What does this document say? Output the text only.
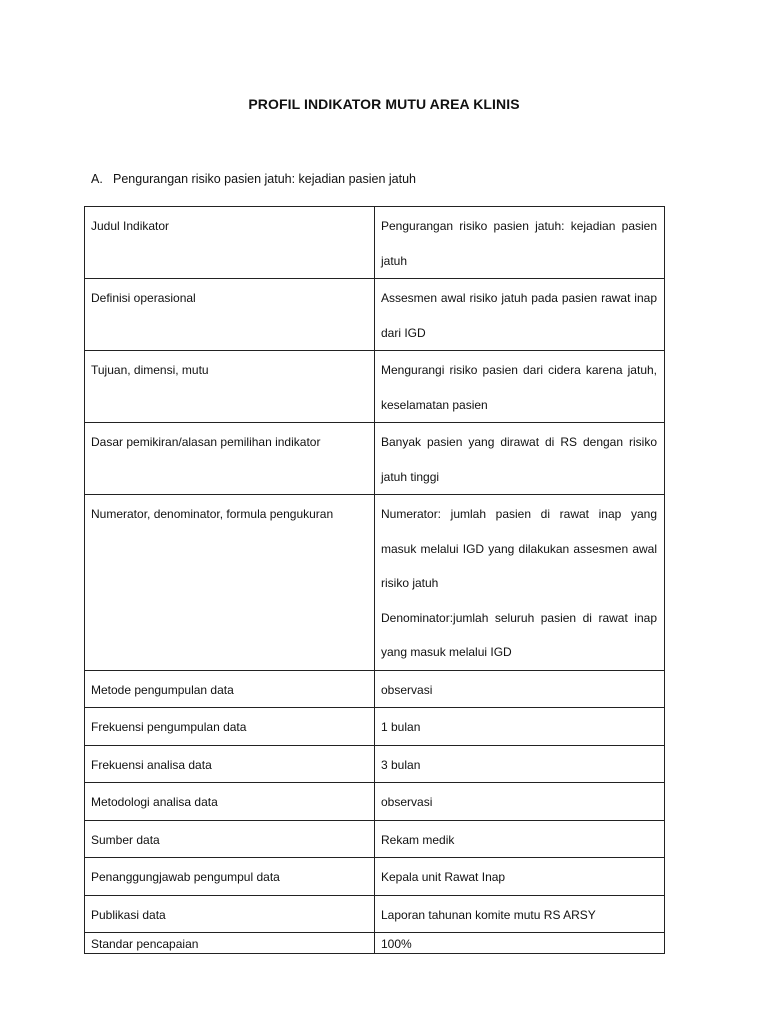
PROFIL INDIKATOR MUTU AREA KLINIS
A. Pengurangan risiko pasien jatuh: kejadian pasien jatuh
Judul Indikator	Pengurangan risiko pasien jatuh: kejadian pasien jatuh
Definisi operasional	Assesmen awal risiko jatuh pada pasien rawat inap dari IGD
Tujuan, dimensi, mutu	Mengurangi risiko pasien dari cidera karena jatuh, keselamatan pasien
Dasar pemikiran/alasan pemilihan indikator	Banyak pasien yang dirawat di RS dengan risiko jatuh tinggi
Numerator, denominator, formula pengukuran	Numerator: jumlah pasien di rawat inap yang masuk melalui IGD yang dilakukan assesmen awal risiko jatuh
Denominator:jumlah seluruh pasien di rawat inap yang masuk melalui IGD

Metode pengumpulan data	observasi
Frekuensi pengumpulan data	1 bulan
Frekuensi analisa data	3 bulan
Metodologi analisa data	observasi
Sumber data	Rekam medik
Penanggungjawab pengumpul data	Kepala unit Rawat Inap
Publikasi data	Laporan tahunan komite mutu RS ARSY
Standar pencapaian	100%
